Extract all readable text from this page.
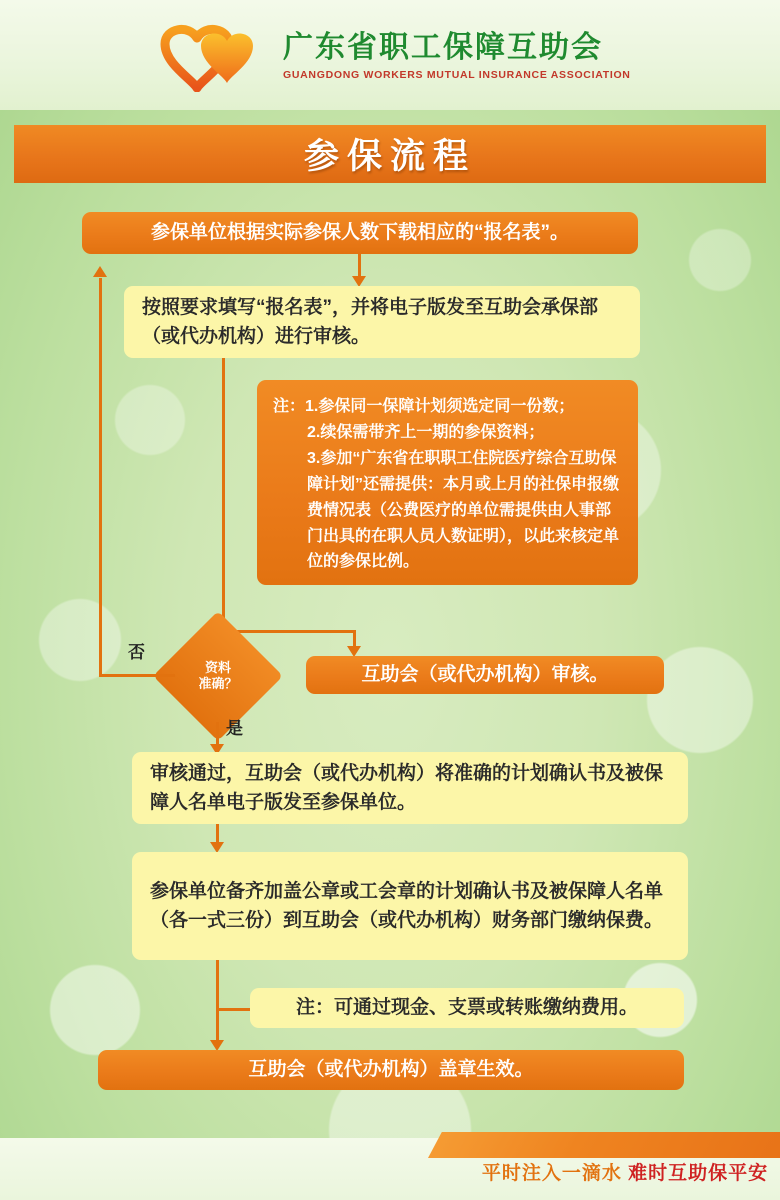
广东省职工保障互助会
GUANGDONG WORKERS MUTUAL INSURANCE ASSOCIATION
参保流程
参保单位根据实际参保人数下载相应的“报名表”。
按照要求填写“报名表”，并将电子版发至互助会承保部（或代办机构）进行审核。
注： 1.参保同一保障计划须选定同一份数；
2.续保需带齐上一期的参保资料；
3.参加“广东省在职职工住院医疗综合互助保障计划”还需提供：本月或上月的社保申报缴费情况表（公费医疗的单位需提供由人事部门出具的在职人员人数证明），以此来核定单位的参保比例。
资料
准确？
否
互助会（或代办机构）审核。
是
审核通过，互助会（或代办机构）将准确的计划确认书及被保障人名单电子版发至参保单位。
参保单位备齐加盖公章或工会章的计划确认书及被保障人名单（各一式三份）到互助会（或代办机构）财务部门缴纳保费。
注： 可通过现金、支票或转账缴纳费用。
互助会（或代办机构）盖章生效。
平时注入一滴水 难时互助保平安
